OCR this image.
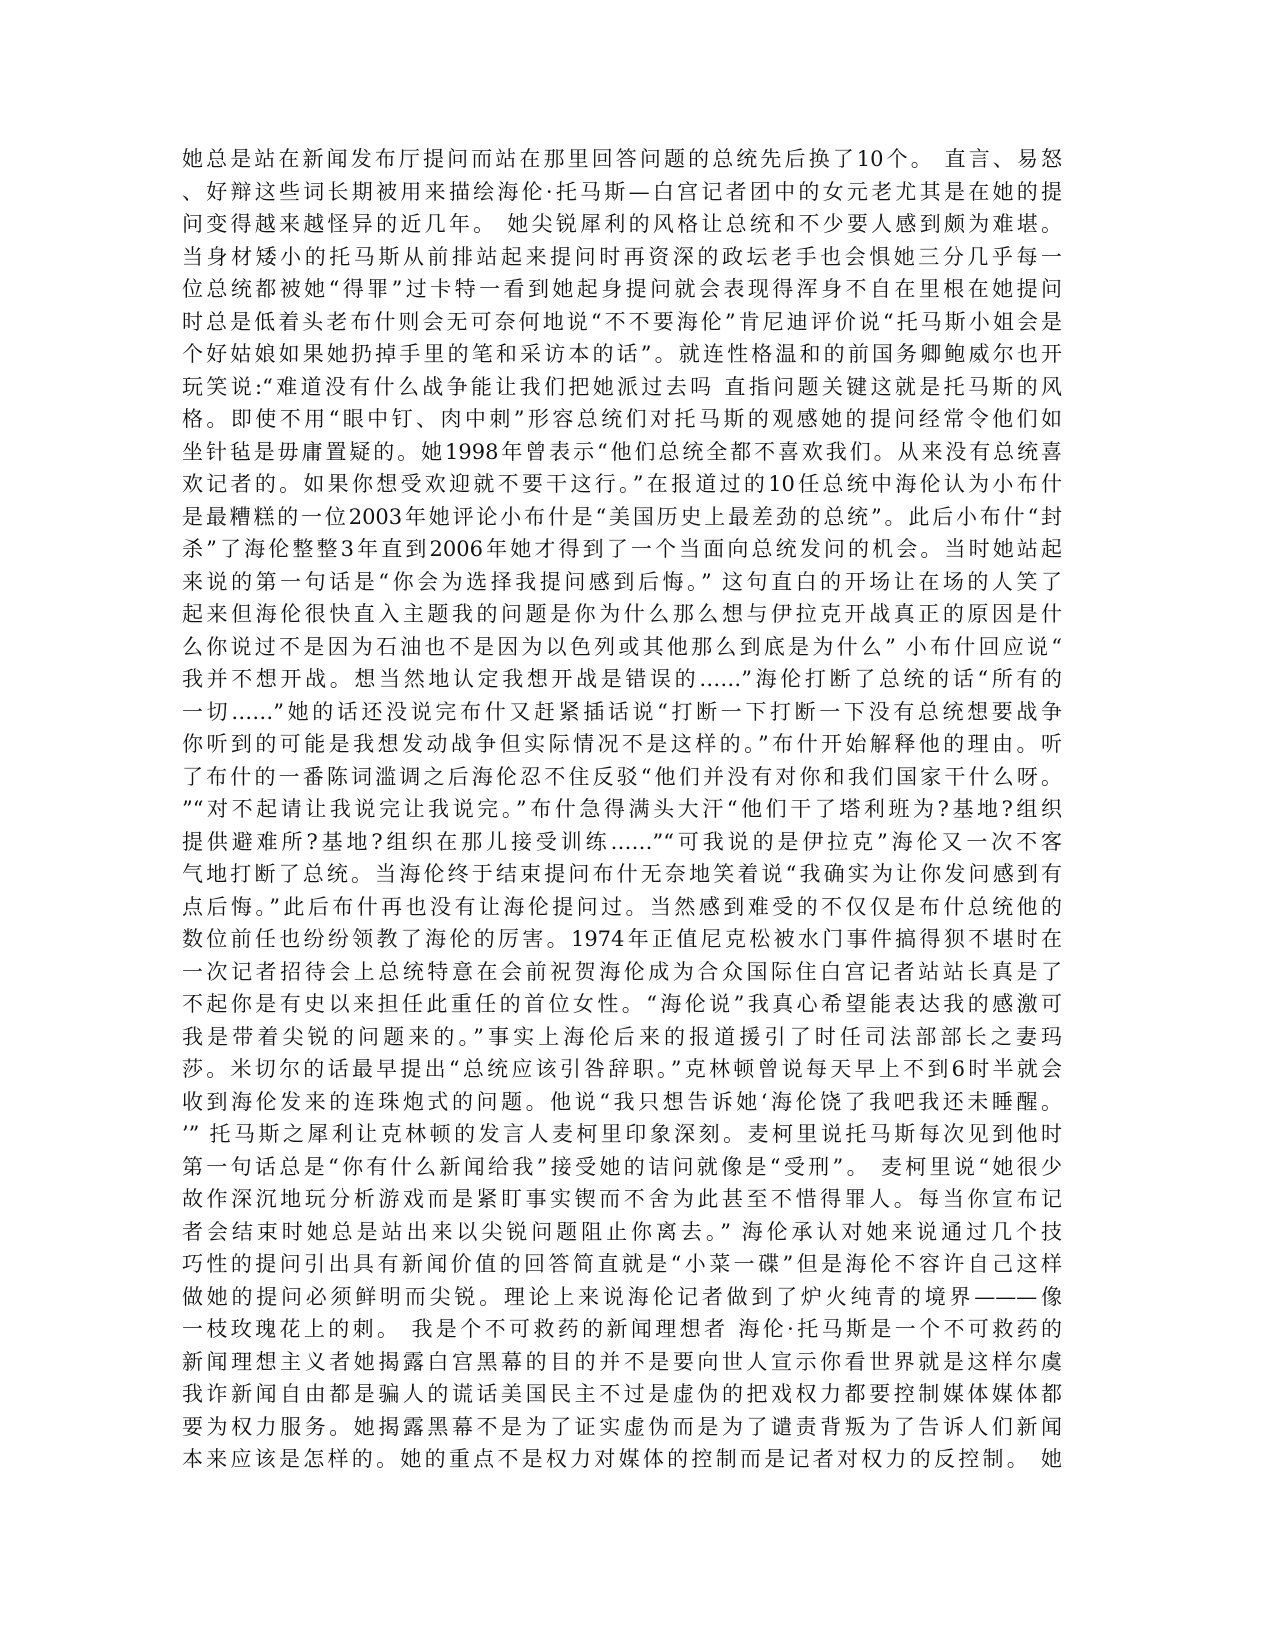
她总是站在新闻发布厅提问而站在那里回答问题的总统先后换了10个。 直言、易怒
、好辩这些词长期被用来描绘海伦·托马斯—白宫记者团中的女元老尤其是在她的提
问变得越来越怪异的近几年。 她尖锐犀利的风格让总统和不少要人感到颇为难堪。
当身材矮小的托马斯从前排站起来提问时再资深的政坛老手也会惧她三分几乎每一
位总统都被她“得罪”过卡特一看到她起身提问就会表现得浑身不自在里根在她提问
时总是低着头老布什则会无可奈何地说“不不要海伦”肯尼迪评价说“托马斯小姐会是
个好姑娘如果她扔掉手里的笔和采访本的话”。就连性格温和的前国务卿鲍威尔也开
玩笑说:“难道没有什么战争能让我们把她派过去吗 直指问题关键这就是托马斯的风
格。即使不用“眼中钉、肉中刺”形容总统们对托马斯的观感她的提问经常令他们如
坐针毡是毋庸置疑的。她1998年曾表示“他们总统全都不喜欢我们。从来没有总统喜
欢记者的。如果你想受欢迎就不要干这行。”在报道过的10任总统中海伦认为小布什
是最糟糕的一位2003年她评论小布什是“美国历史上最差劲的总统”。此后小布什“封
杀”了海伦整整3年直到2006年她才得到了一个当面向总统发问的机会。当时她站起
来说的第一句话是“你会为选择我提问感到后悔。” 这句直白的开场让在场的人笑了
起来但海伦很快直入主题我的问题是你为什么那么想与伊拉克开战真正的原因是什
么你说过不是因为石油也不是因为以色列或其他那么到底是为什么” 小布什回应说“
我并不想开战。想当然地认定我想开战是错误的……”海伦打断了总统的话“所有的
一切……”她的话还没说完布什又赶紧插话说“打断一下打断一下没有总统想要战争
你听到的可能是我想发动战争但实际情况不是这样的。”布什开始解释他的理由。听
了布什的一番陈词滥调之后海伦忍不住反驳“他们并没有对你和我们国家干什么呀。
”“对不起请让我说完让我说完。”布什急得满头大汗“他们干了塔利班为?基地?组织
提供避难所?基地?组织在那儿接受训练……”“可我说的是伊拉克”海伦又一次不客
气地打断了总统。当海伦终于结束提问布什无奈地笑着说“我确实为让你发问感到有
点后悔。”此后布什再也没有让海伦提问过。当然感到难受的不仅仅是布什总统他的
数位前任也纷纷领教了海伦的厉害。1974年正值尼克松被水门事件搞得狈不堪时在
一次记者招待会上总统特意在会前祝贺海伦成为合众国际住白宫记者站站长真是了
不起你是有史以来担任此重任的首位女性。“海伦说”我真心希望能表达我的感激可
我是带着尖锐的问题来的。”事实上海伦后来的报道援引了时任司法部部长之妻玛
莎。米切尔的话最早提出“总统应该引咎辞职。”克林顿曾说每天早上不到6时半就会
收到海伦发来的连珠炮式的问题。他说“我只想告诉她‘海伦饶了我吧我还未睡醒。
’” 托马斯之犀利让克林顿的发言人麦柯里印象深刻。麦柯里说托马斯每次见到他时
第一句话总是“你有什么新闻给我”接受她的诘问就像是“受刑”。 麦柯里说“她很少
故作深沉地玩分析游戏而是紧盯事实锲而不舍为此甚至不惜得罪人。每当你宣布记
者会结束时她总是站出来以尖锐问题阻止你离去。” 海伦承认对她来说通过几个技
巧性的提问引出具有新闻价值的回答简直就是“小菜一碟”但是海伦不容许自己这样
做她的提问必须鲜明而尖锐。理论上来说海伦记者做到了炉火纯青的境界———像
一枝玫瑰花上的刺。 我是个不可救药的新闻理想者 海伦·托马斯是一个不可救药的
新闻理想主义者她揭露白宫黑幕的目的并不是要向世人宣示你看世界就是这样尔虞
我诈新闻自由都是骗人的谎话美国民主不过是虚伪的把戏权力都要控制媒体媒体都
要为权力服务。她揭露黑幕不是为了证实虚伪而是为了谴责背叛为了告诉人们新闻
本来应该是怎样的。她的重点不是权力对媒体的控制而是记者对权力的反控制。 她
